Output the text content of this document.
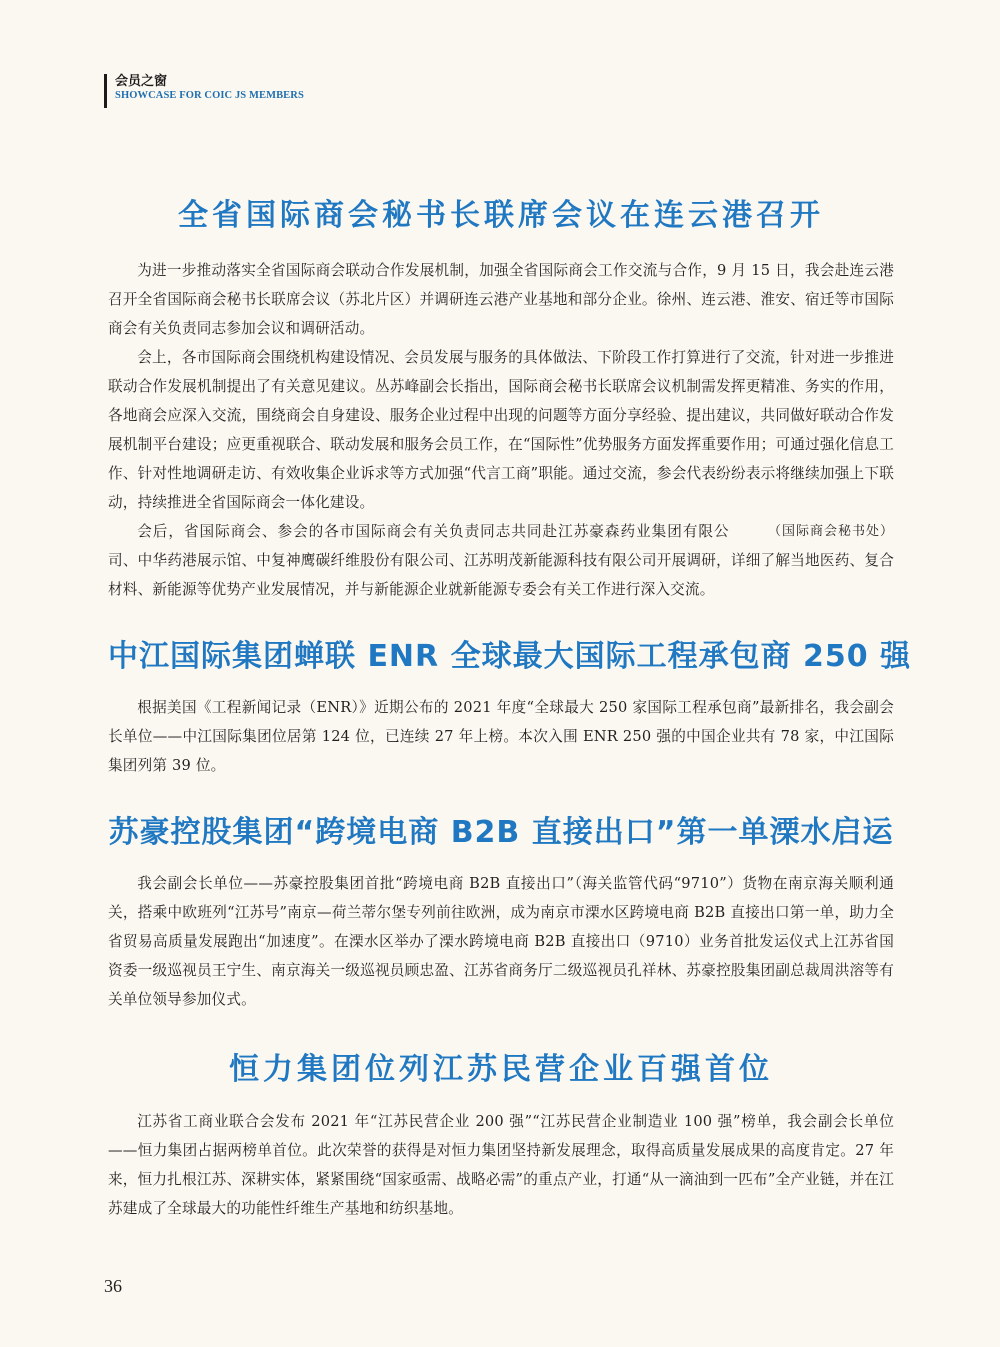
会员之窗
SHOWCASE FOR COIC JS MEMBERS
全省国际商会秘书长联席会议在连云港召开

为进一步推动落实全省国际商会联动合作发展机制，加强全省国际商会工作交流与合作，9 月 15 日，我会赴连云港召开全省国际商会秘书长联席会议（苏北片区）并调研连云港产业基地和部分企业。徐州、连云港、淮安、宿迁等市国际商会有关负责同志参加会议和调研活动。

会上，各市国际商会围绕机构建设情况、会员发展与服务的具体做法、下阶段工作打算进行了交流，针对进一步推进联动合作发展机制提出了有关意见建议。丛苏峰副会长指出，国际商会秘书长联席会议机制需发挥更精准、务实的作用，各地商会应深入交流，围绕商会自身建设、服务企业过程中出现的问题等方面分享经验、提出建议，共同做好联动合作发展机制平台建设；应更重视联合、联动发展和服务会员工作，在“国际性”优势服务方面发挥重要作用；可通过强化信息工作、针对性地调研走访、有效收集企业诉求等方式加强“代言工商”职能。通过交流，参会代表纷纷表示将继续加强上下联动，持续推进全省国际商会一体化建设。

（国际商会秘书处）
会后，省国际商会、参会的各市国际商会有关负责同志共同赴江苏豪森药业集团有限公司、中华药港展示馆、中复神鹰碳纤维股份有限公司、江苏明茂新能源科技有限公司开展调研，详细了解当地医药、复合材料、新能源等优势产业发展情况，并与新能源企业就新能源专委会有关工作进行深入交流。

中江国际集团蝉联 ENR 全球最大国际工程承包商 250 强

根据美国《工程新闻记录（ENR）》近期公布的 2021 年度“全球最大 250 家国际工程承包商”最新排名，我会副会长单位——中江国际集团位居第 124 位，已连续 27 年上榜。本次入围 ENR 250 强的中国企业共有 78 家，中江国际集团列第 39 位。

苏豪控股集团“跨境电商 B2B 直接出口”第一单溧水启运

我会副会长单位——苏豪控股集团首批“跨境电商 B2B 直接出口”（海关监管代码“9710”）货物在南京海关顺利通关，搭乘中欧班列“江苏号”南京—荷兰蒂尔堡专列前往欧洲，成为南京市溧水区跨境电商 B2B 直接出口第一单，助力全省贸易高质量发展跑出“加速度”。在溧水区举办了溧水跨境电商 B2B 直接出口（9710）业务首批发运仪式上江苏省国资委一级巡视员王宁生、南京海关一级巡视员顾忠盈、江苏省商务厅二级巡视员孔祥林、苏豪控股集团副总裁周洪溶等有关单位领导参加仪式。

恒力集团位列江苏民营企业百强首位

江苏省工商业联合会发布 2021 年“江苏民营企业 200 强”“江苏民营企业制造业 100 强”榜单，我会副会长单位——恒力集团占据两榜单首位。此次荣誉的获得是对恒力集团坚持新发展理念，取得高质量发展成果的高度肯定。27 年来，恒力扎根江苏、深耕实体，紧紧围绕“国家亟需、战略必需”的重点产业，打通“从一滴油到一匹布”全产业链，并在江苏建成了全球最大的功能性纤维生产基地和纺织基地。

36
